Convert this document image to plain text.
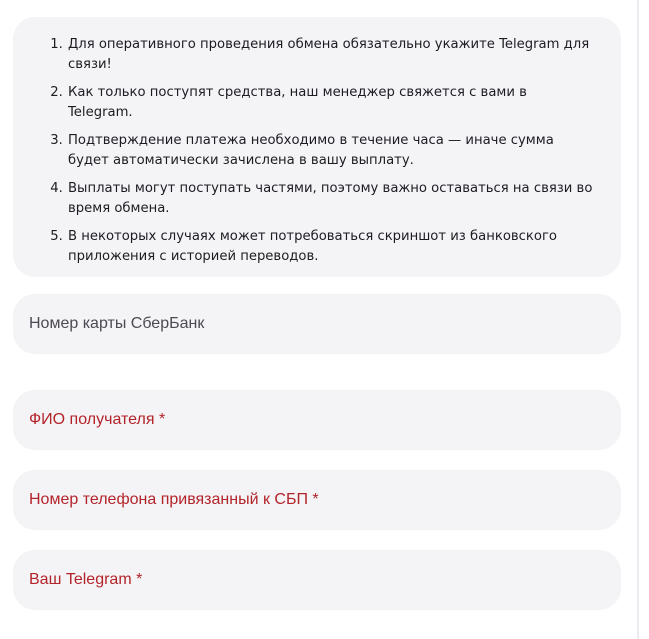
1. Для оперативного проведения обмена обязательно укажите Telegram для связи!
2. Как только поступят средства, наш менеджер свяжется с вами в Telegram.
3. Подтверждение платежа необходимо в течение часа — иначе сумма будет автоматически зачислена в вашу выплату.
4. Выплаты могут поступать частями, поэтому важно оставаться на связи во время обмена.
5. В некоторых случаях может потребоваться скриншот из банковского приложения с историей переводов.
Номер карты СберБанк
ФИО получателя *
Номер телефона привязанный к СБП *
Ваш Telegram *
